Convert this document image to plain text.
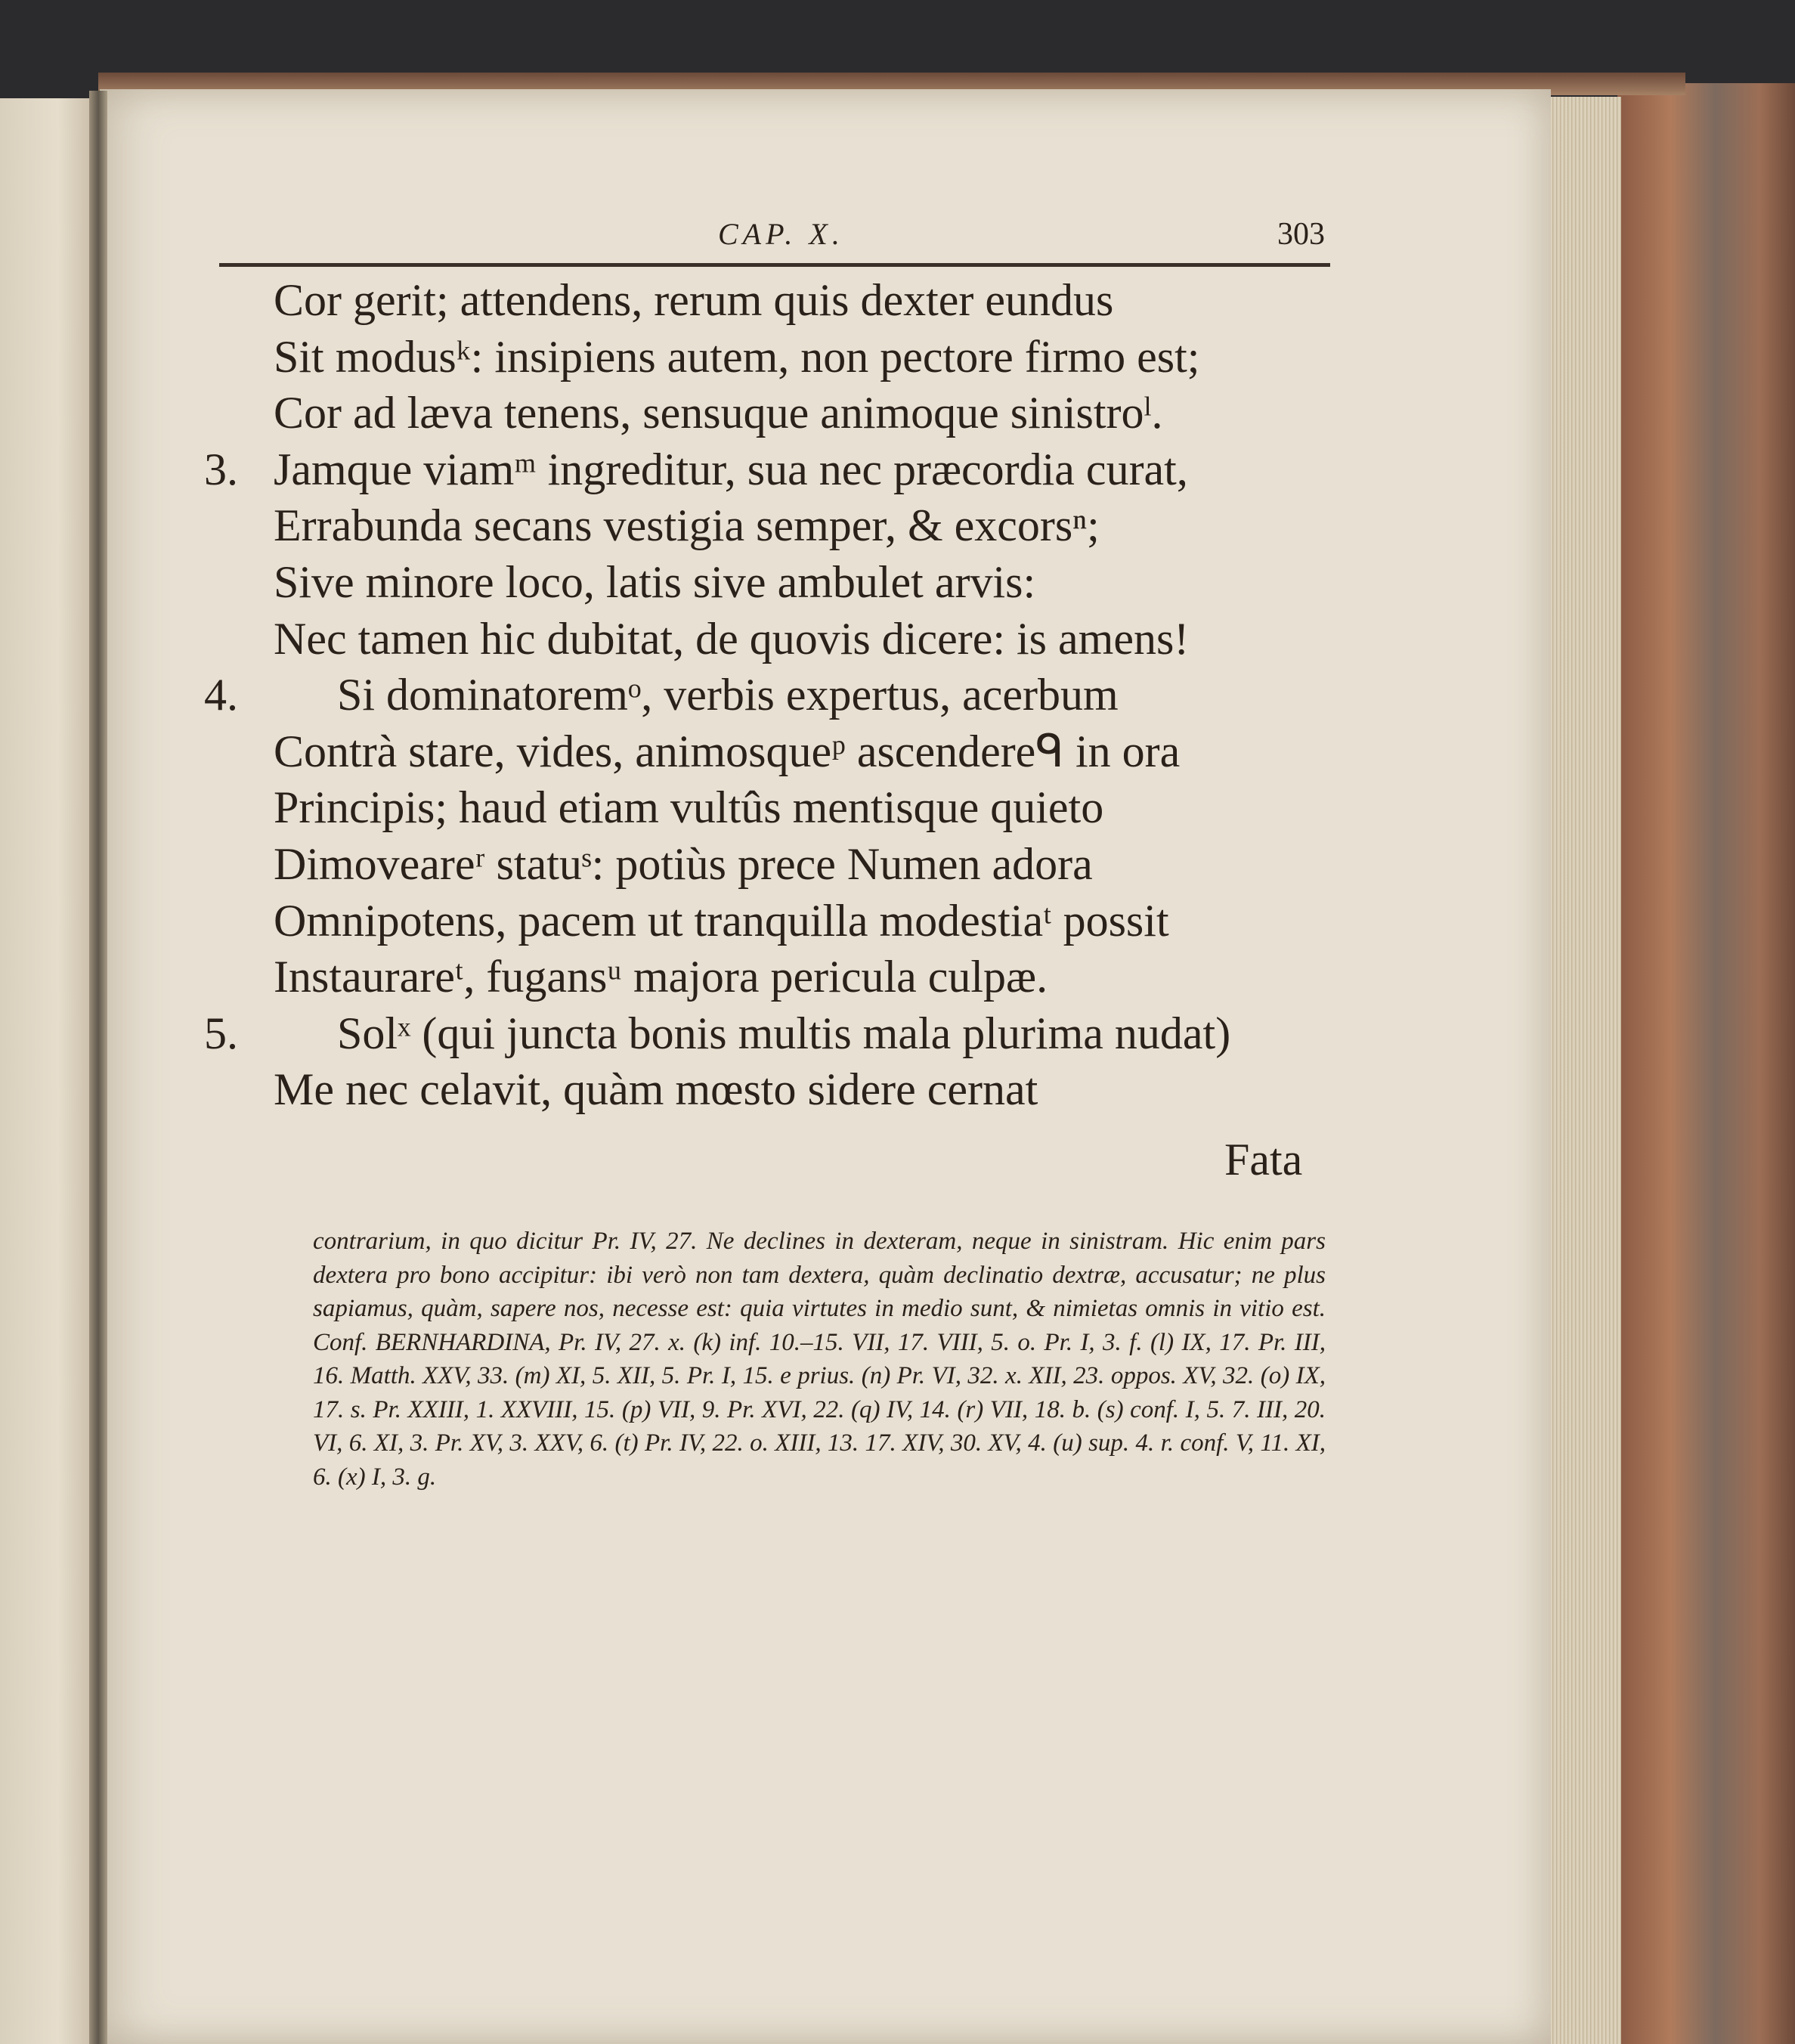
CAP. X.	303
Cor gerit; attendens, rerum quis dexter eundus
Sit modusᵏ: insipiens autem, non pectore firmo est;
Cor ad læva tenens, sensuque animoque sinistroˡ.
3. Jamque viamᵐ ingreditur, sua nec præcordia curat,
Errabunda secans vestigia semper, & excorsⁿ;
Sive minore loco, latis sive ambulet arvis:
Nec tamen hic dubitat, de quovis dicere: is amens!
4. Si dominatoremᵒ, verbis expertus, acerbum
Contrà stare, vides, animosqueᵖ ascendereᑫ in ora
Principis; haud etiam vultûs mentisque quieto
Dimoveareʳ statuˢ: potiùs prece Numen adora
Omnipotens, pacem ut tranquilla modestiaᵗ possit
Instaurareᵗ, fugansᵘ majora pericula culpæ.
5. Solˣ (qui juncta bonis multis mala plurima nudat)
Me nec celavit, quàm mœsto sidere cernat
Fata

contrarium, in quo dicitur Pr. IV, 27. Ne declines in dexteram, neque in sinistram. Hic enim pars dextera pro bono accipitur: ibi verò non tam dextera, quàm declinatio dextræ, accusatur; ne plus sapiamus, quàm, sapere nos, necesse est: quia virtutes in medio sunt, & nimietas omnis in vitio est. Conf. BERNHARDINA, Pr. IV, 27. x. (k) inf. 10.–15. VII, 17. VIII, 5. o. Pr. I, 3. f. (l) IX, 17. Pr. III, 16. Matth. XXV, 33. (m) XI, 5. XII, 5. Pr. I, 15. e prius. (n) Pr. VI, 32. x. XII, 23. oppos. XV, 32. (o) IX, 17. s. Pr. XXIII, 1. XXVIII, 15. (p) VII, 9. Pr. XVI, 22. (q) IV, 14. (r) VII, 18. b. (s) conf. I, 5. 7. III, 20. VI, 6. XI, 3. Pr. XV, 3. XXV, 6. (t) Pr. IV, 22. o. XIII, 13. 17. XIV, 30. XV, 4. (u) sup. 4. r. conf. V, 11. XI, 6. (x) I, 3. g.
